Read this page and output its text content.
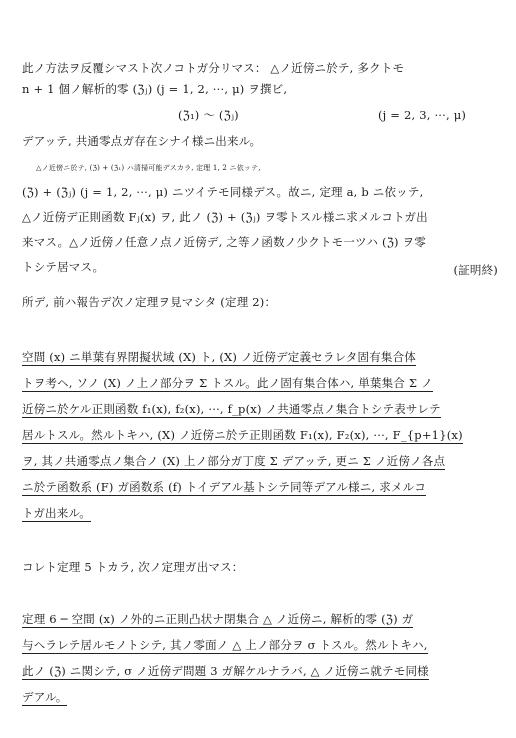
此ノ方法ヲ反覆シマスト次ノコトガ分リマス： △ノ近傍ニ於テ, 多クトモ
n + 1 個ノ解析的零 (ℨⱼ) (j = 1, 2, ···, μ) ヲ撰ビ,
(ℨ₁) ～ (ℨⱼ)	(j = 2, 3, ···, μ)
デアッテ, 共通零点ガ存在シナイ様ニ出来ル。
△ノ近傍ニ於テ, (ℨ) + (ℨ₁) ハ清掃可能デスカラ, 定理 1, 2 ニ依ッテ,
(ℨ) + (ℨⱼ) (j = 1, 2, ···, μ) ニツイテモ同様デス。故ニ, 定理 a, b ニ依ッテ,
△ノ近傍デ正則函数 Fⱼ(x) ヲ, 此ノ (ℨ) + (ℨⱼ) ヲ零トスル様ニ求メルコトガ出
来マス。△ノ近傍ノ任意ノ点ノ近傍デ, 之等ノ函数ノ少クトモ一ツハ (ℨ) ヲ零
トシテ居マス。	(証明終)
所デ, 前ハ報告デ次ノ定理ヲ見マシタ (定理 2)：
空間 (x) ニ単葉有界閉擬状域 (X) ト, (X) ノ近傍デ定義セラレタ固有集合体
トヲ考ヘ, ソノ (X) ノ上ノ部分ヲ Σ トスル。此ノ固有集合体ハ, 単葉集合 Σ ノ
近傍ニ於ケル正則函数 f₁(x), f₂(x), ···, f_p(x) ノ共通零点ノ集合トシテ表サレテ
居ルトスル。然ルトキハ, (X) ノ近傍ニ於テ正則函数 F₁(x), F₂(x), ···, F_{p+1}(x)
ヲ, 其ノ共通零点ノ集合ノ (X) 上ノ部分ガ丁度 Σ デアッテ, 更ニ Σ ノ近傍ノ各点
ニ於テ函数系 (F) ガ函数系 (f) トイデアル基トシテ同等デアル様ニ, 求メルコ
トガ出来ル。
コレト定理 5 トカラ, 次ノ定理ガ出マス：
定理 6 ─ 空間 (x) ノ外的ニ正則凸状ナ閉集合 △ ノ近傍ニ, 解析的零 (ℨ) ガ
与ヘラレテ居ルモノトシテ, 其ノ零面ノ △ 上ノ部分ヲ σ トスル。然ルトキハ,
此ノ (ℨ) ニ関シテ, σ ノ近傍デ問題 3 ガ解ケルナラバ, △ ノ近傍ニ就テモ同様
デアル。
